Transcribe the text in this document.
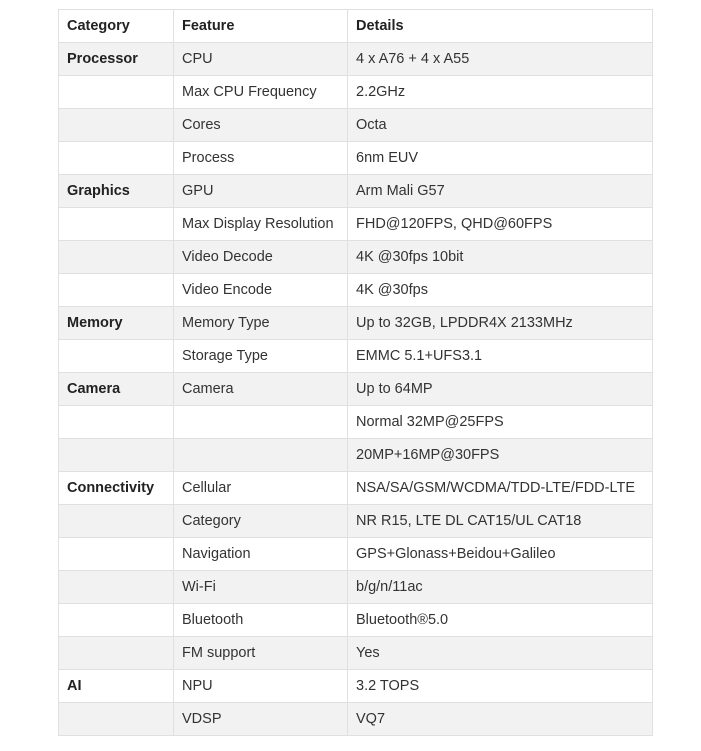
Category	Feature	Details
Processor	CPU	4 x A76 + 4 x A55
	Max CPU Frequency	2.2GHz
	Cores	Octa
	Process	6nm EUV
Graphics	GPU	Arm Mali G57
	Max Display Resolution	FHD@120FPS, QHD@60FPS
	Video Decode	4K @30fps 10bit
	Video Encode	4K @30fps
Memory	Memory Type	Up to 32GB, LPDDR4X 2133MHz
	Storage Type	EMMC 5.1+UFS3.1
Camera	Camera	Up to 64MP
		Normal 32MP@25FPS
		20MP+16MP@30FPS
Connectivity	Cellular	NSA/SA/GSM/WCDMA/TDD-LTE/FDD-LTE
	Category	NR R15, LTE DL CAT15/UL CAT18
	Navigation	GPS+Glonass+Beidou+Galileo
	Wi-Fi	b/g/n/11ac
	Bluetooth	Bluetooth®5.0
	FM support	Yes
AI	NPU	3.2 TOPS
	VDSP	VQ7
